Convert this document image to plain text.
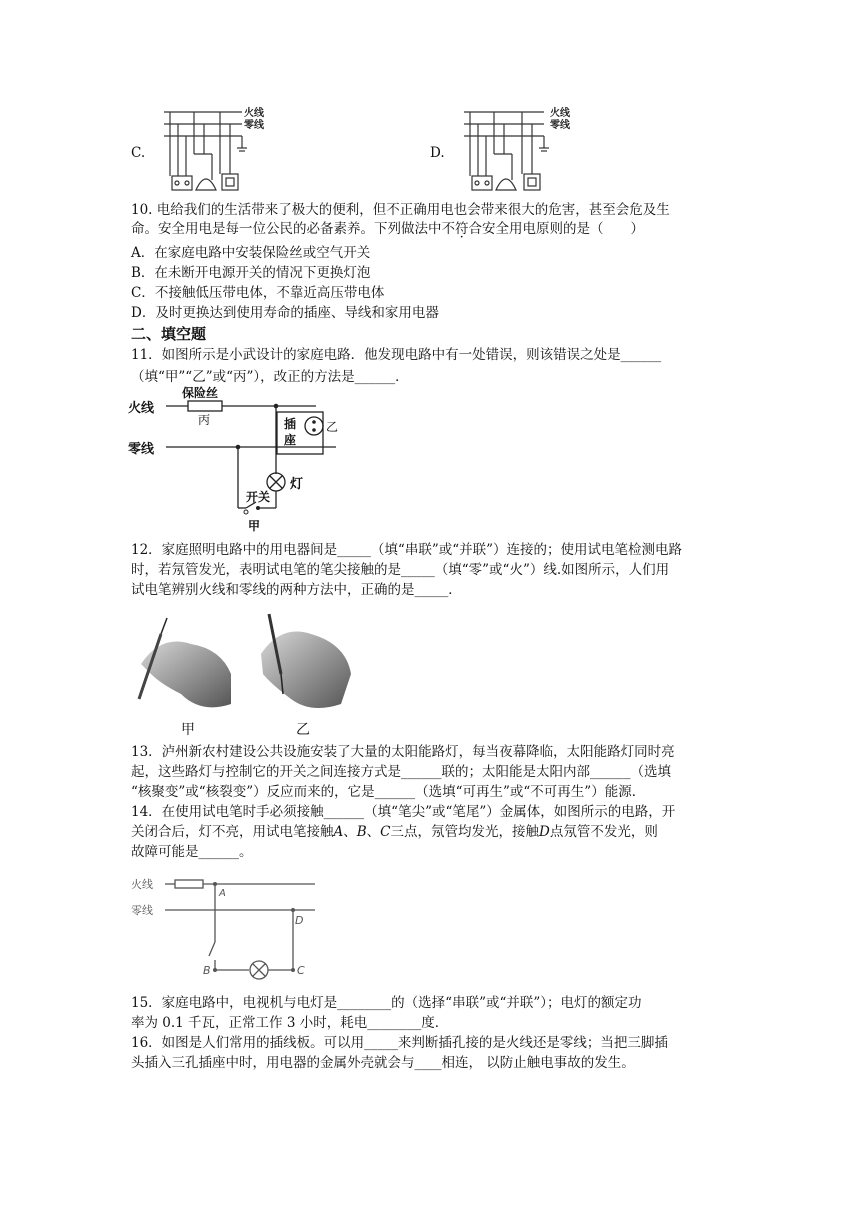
C.
火线
零线
D.
火线
零线
10. 电给我们的生活带来了极大的便利，但不正确用电也会带来很大的危害，甚至会危及生
命。安全用电是每一位公民的必备素养。下列做法中不符合安全用电原则的是（　　）
A．在家庭电路中安装保险丝或空气开关
B．在未断开电源开关的情况下更换灯泡
C．不接触低压带电体，不靠近高压带电体
D．及时更换达到使用寿命的插座、导线和家用电器
二、填空题
11．如图所示是小武设计的家庭电路．他发现电路中有一处错误，则该错误之处是______
（填“甲”“乙”或“丙”），改正的方法是______．
火线
零线
保险丝
丙	插
座
乙
灯
开关
甲
12．家庭照明电路中的用电器间是_____（填“串联”或“并联”）连接的；使用试电笔检测电路
时，若氖管发光，表明试电笔的笔尖接触的是_____（填“零”或“火”）线.如图所示，人们用
试电笔辨别火线和零线的两种方法中，正确的是_____．
甲	乙
13．泸州新农村建设公共设施安装了大量的太阳能路灯，每当夜幕降临，太阳能路灯同时亮
起，这些路灯与控制它的开关之间连接方式是______联的；太阳能是太阳内部______（选填
“核聚变”或“核裂变”）反应而来的，它是______（选填“可再生”或“不可再生”）能源．
14．在使用试电笔时手必须接触______（填“笔尖”或“笔尾”）金属体，如图所示的电路，开
关闭合后，灯不亮，用试电笔接触A、B、C三点，氖管均发光，接触D点氖管不发光，则
故障可能是______。
火线
零线
A
B	C
D
15．家庭电路中，电视机与电灯是________的（选择“串联”或“并联”）；电灯的额定功
率为 0.1 千瓦，正常工作 3 小时，耗电________度．
16．如图是人们常用的插线板。可以用_____来判断插孔接的是火线还是零线；当把三脚插
头插入三孔插座中时，用电器的金属外壳就会与____相连， 以防止触电事故的发生。
